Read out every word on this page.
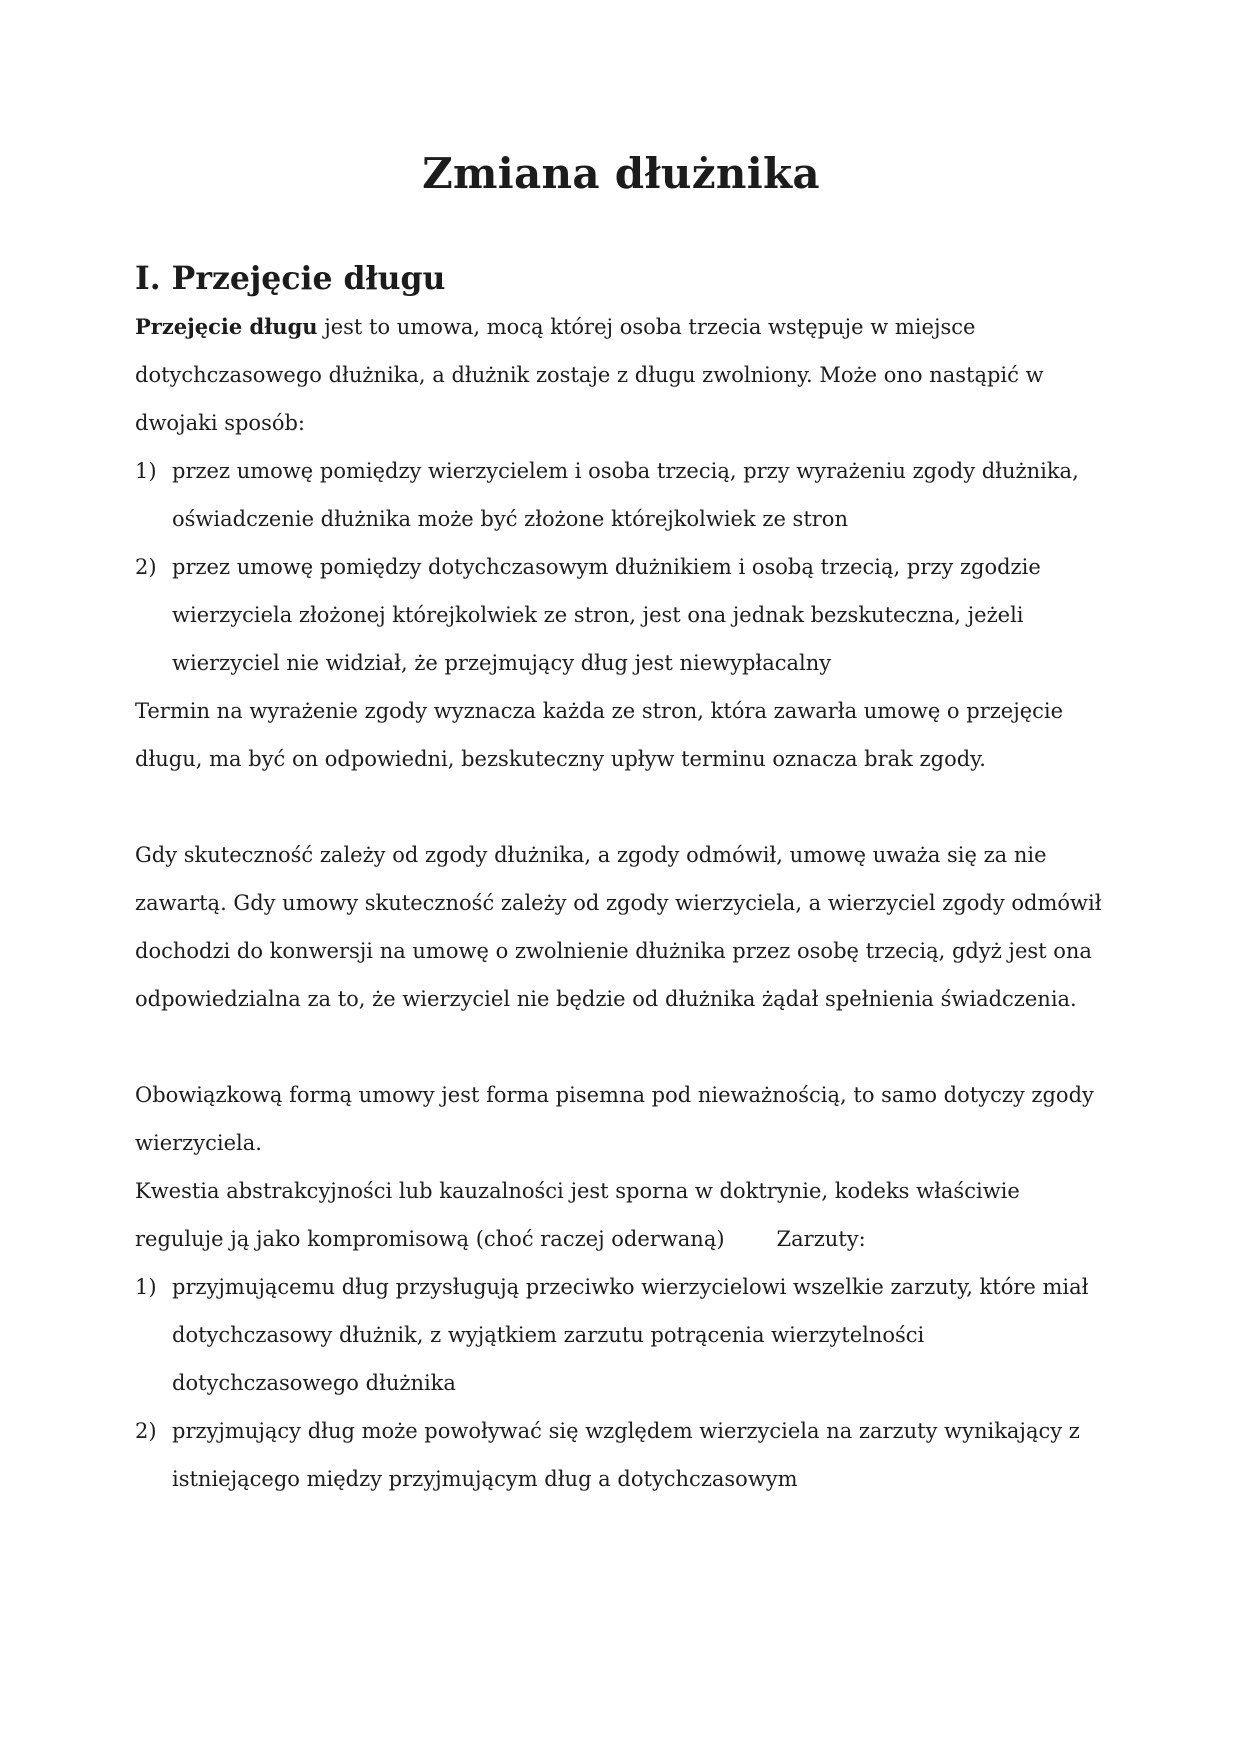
Zmiana dłużnika
I. Przejęcie długu

Przejęcie długu jest to umowa, mocą której osoba trzecia wstępuje w miejsce dotychczasowego dłużnika, a dłużnik zostaje z długu zwolniony. Może ono nastąpić w dwojaki sposób:

1) przez umowę pomiędzy wierzycielem i osoba trzecią, przy wyrażeniu zgody dłużnika, oświadczenie dłużnika może być złożone którejkolwiek ze stron
2) przez umowę pomiędzy dotychczasowym dłużnikiem i osobą trzecią, przy zgodzie wierzyciela złożonej którejkolwiek ze stron, jest ona jednak bezskuteczna, jeżeli wierzyciel nie widział, że przejmujący dług jest niewypłacalny

Termin na wyrażenie zgody wyznacza każda ze stron, która zawarła umowę o przejęcie długu, ma być on odpowiedni, bezskuteczny upływ terminu oznacza brak zgody.

Gdy skuteczność zależy od zgody dłużnika, a zgody odmówił, umowę uważa się za nie zawartą. Gdy umowy skuteczność zależy od zgody wierzyciela, a wierzyciel zgody odmówił dochodzi do konwersji na umowę o zwolnienie dłużnika przez osobę trzecią, gdyż jest ona odpowiedzialna za to, że wierzyciel nie będzie od dłużnika żądał spełnienia świadczenia.

Obowiązkową formą umowy jest forma pisemna pod nieważnością, to samo dotyczy zgody wierzyciela.

Kwestia abstrakcyjności lub kauzalności jest sporna w doktrynie, kodeks właściwie reguluje ją jako kompromisową (choć raczej oderwaną) Zarzuty:

1) przyjmującemu dług przysługują przeciwko wierzycielowi wszelkie zarzuty, które miał dotychczasowy dłużnik, z wyjątkiem zarzutu potrącenia wierzytelności dotychczasowego dłużnika
2) przyjmujący dług może powoływać się względem wierzyciela na zarzuty wynikający z istniejącego między przyjmującym dług a dotychczasowym
